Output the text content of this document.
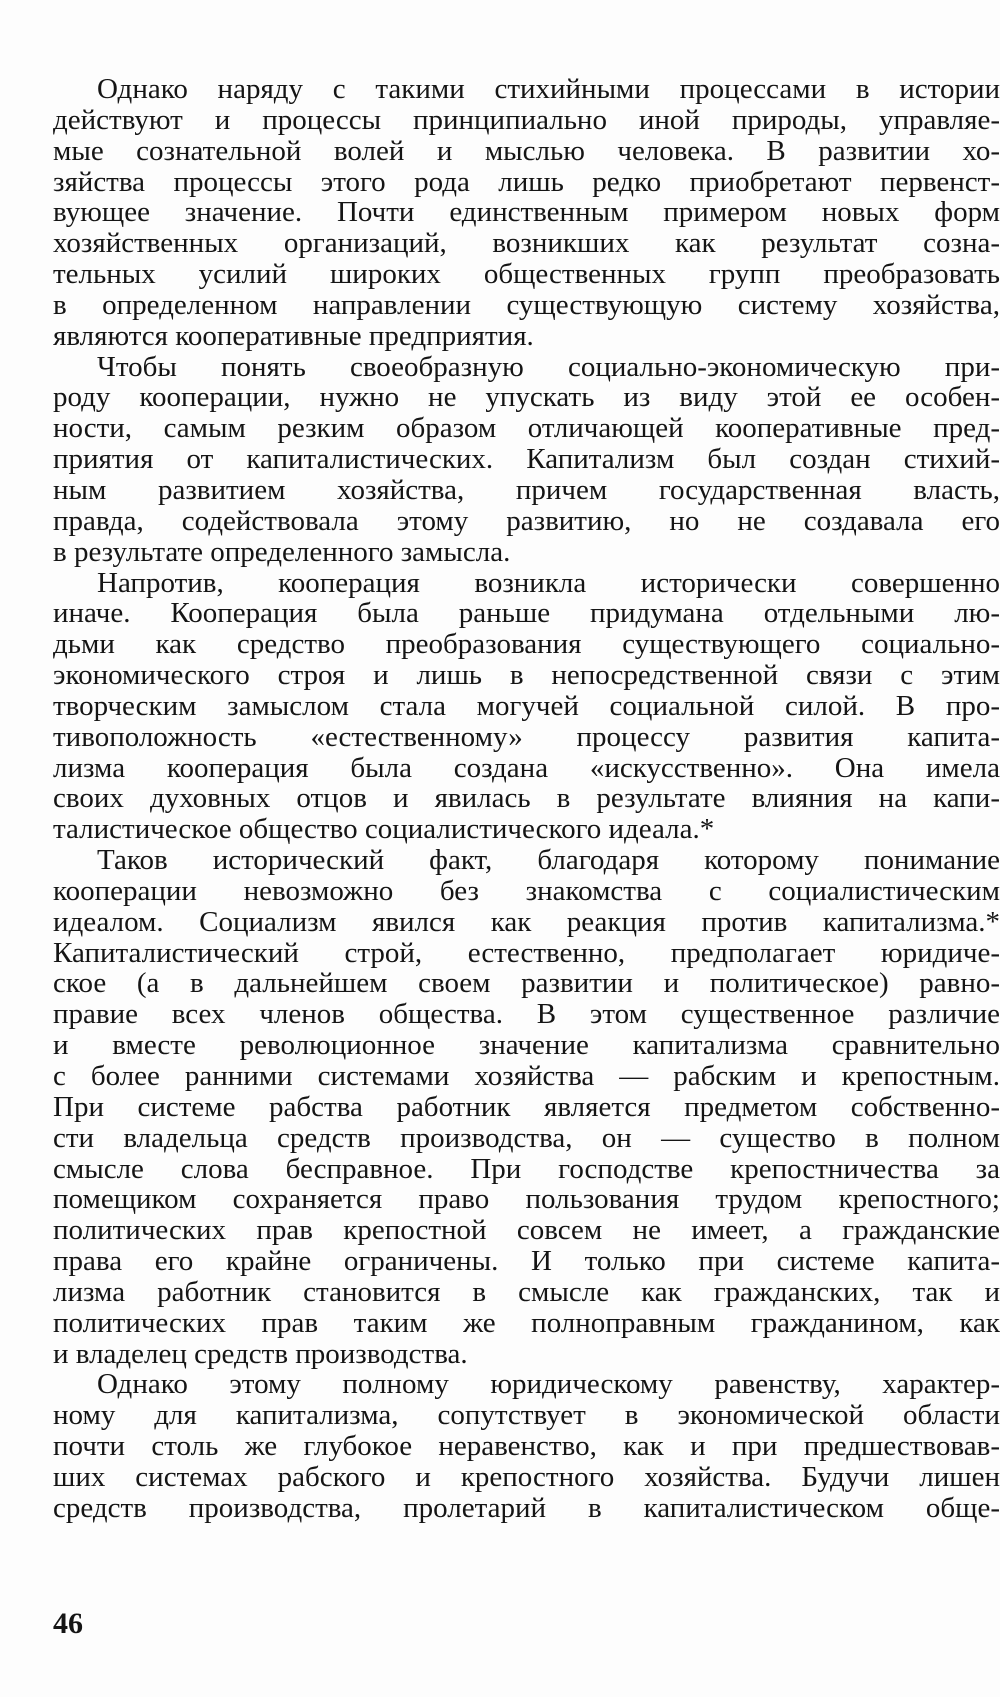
Однако наряду с такими стихийными процессами в истории
действуют и процессы принципиально иной природы, управляе-
мые сознательной волей и мыслью человека. В развитии хо-
зяйства процессы этого рода лишь редко приобретают первенст-
вующее значение. Почти единственным примером новых форм
хозяйственных организаций, возникших как результат созна-
тельных усилий широких общественных групп преобразовать
в определенном направлении существующую систему хозяйства,
являются кооперативные предприятия.

Чтобы понять своеобразную социально-экономическую при-
роду кооперации, нужно не упускать из виду этой ее особен-
ности, самым резким образом отличающей кооперативные пред-
приятия от капиталистических. Капитализм был создан стихий-
ным развитием хозяйства, причем государственная власть,
правда, содействовала этому развитию, но не создавала его
в результате определенного замысла.

Напротив, кооперация возникла исторически совершенно
иначе. Кооперация была раньше придумана отдельными лю-
дьми как средство преобразования существующего социально-
экономического строя и лишь в непосредственной связи с этим
творческим замыслом стала могучей социальной силой. В про-
тивоположность «естественному» процессу развития капита-
лизма кооперация была создана «искусственно». Она имела
своих духовных отцов и явилась в результате влияния на капи-
талистическое общество социалистического идеала.*

Таков исторический факт, благодаря которому понимание
кооперации невозможно без знакомства с социалистическим
идеалом. Социализм явился как реакция против капитализма.*
Капиталистический строй, естественно, предполагает юридиче-
ское (а в дальнейшем своем развитии и политическое) равно-
правие всех членов общества. В этом существенное различие
и вместе революционное значение капитализма сравнительно
с более ранними системами хозяйства — рабским и крепостным.
При системе рабства работник является предметом собственно-
сти владельца средств производства, он — существо в полном
смысле слова бесправное. При господстве крепостничества за
помещиком сохраняется право пользования трудом крепостного;
политических прав крепостной совсем не имеет, а гражданские
права его крайне ограничены. И только при системе капита-
лизма работник становится в смысле как гражданских, так и
политических прав таким же полноправным гражданином, как
и владелец средств производства.

Однако этому полному юридическому равенству, характер-
ному для капитализма, сопутствует в экономической области
почти столь же глубокое неравенство, как и при предшествовав-
ших системах рабского и крепостного хозяйства. Будучи лишен
средств производства, пролетарий в капиталистическом обще-

46
